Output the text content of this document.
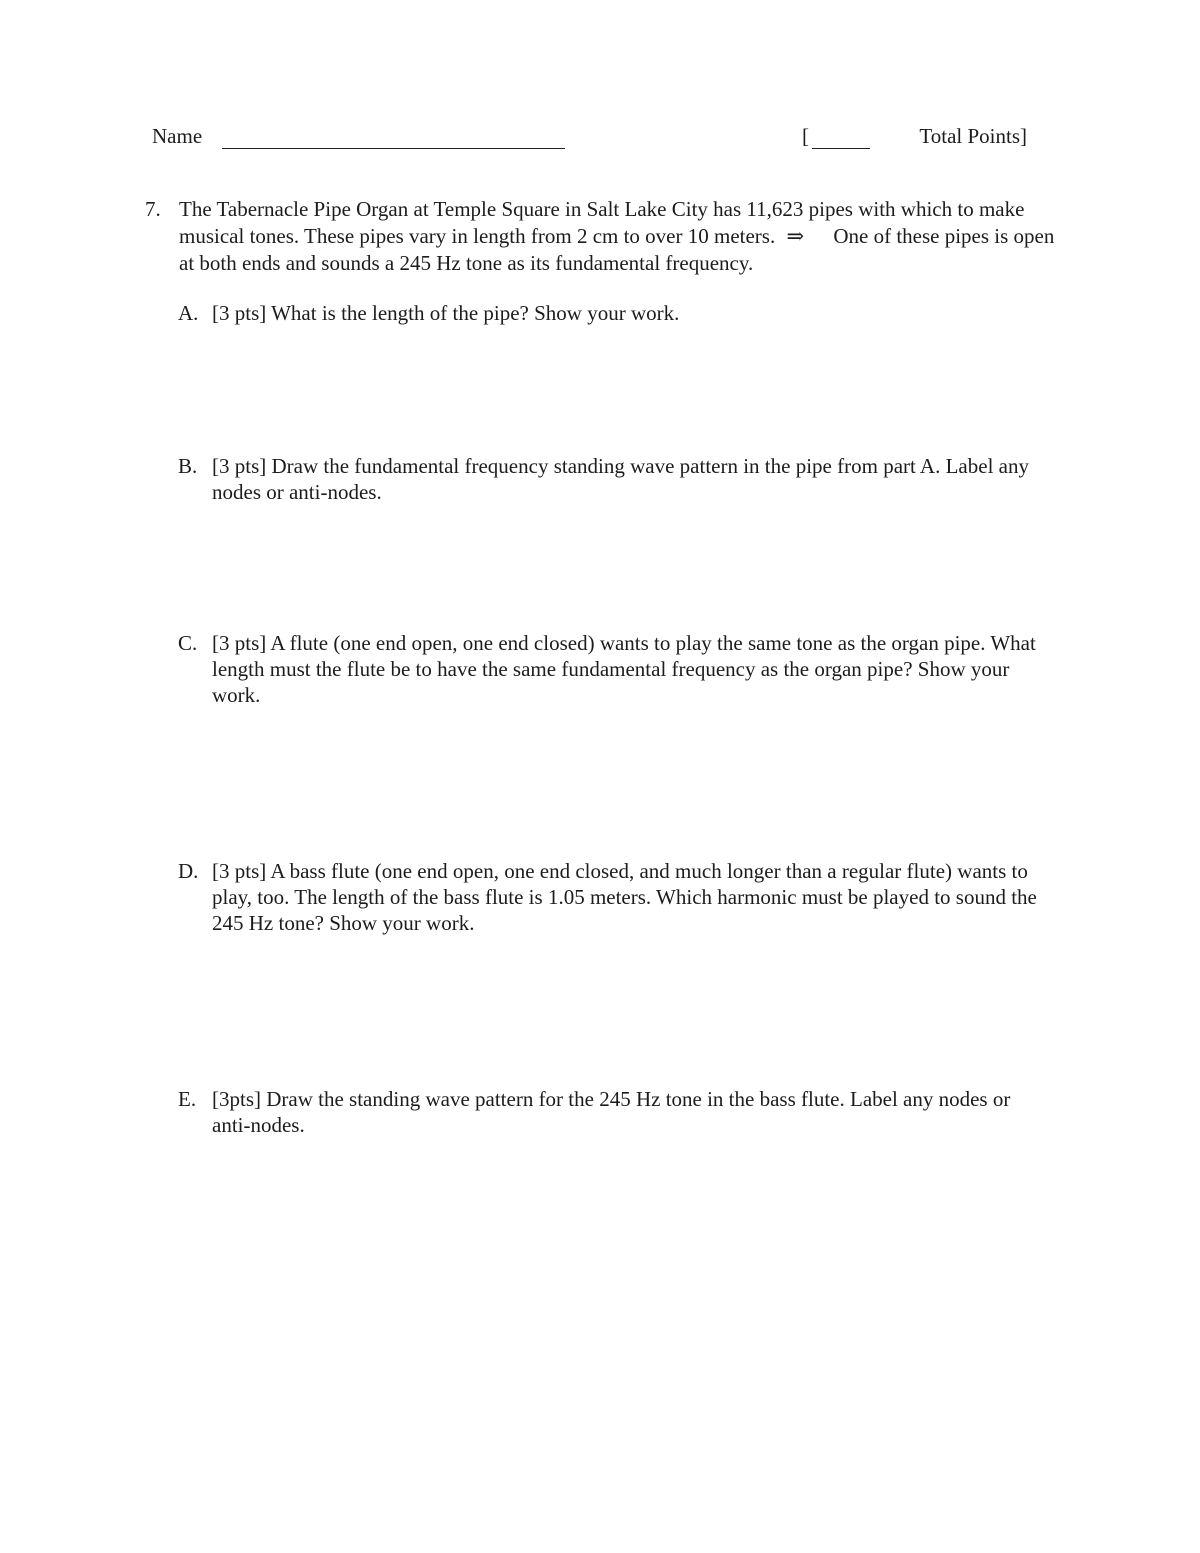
Name	[	Total Points]
7. The Tabernacle Pipe Organ at Temple Square in Salt Lake City has 11,623 pipes with which to make musical tones. These pipes vary in length from 2 cm to over 10 meters. ⇒ One of these pipes is open at both ends and sounds a 245 Hz tone as its fundamental frequency.
A. [3 pts] What is the length of the pipe? Show your work.
B. [3 pts] Draw the fundamental frequency standing wave pattern in the pipe from part A. Label any nodes or anti-nodes.
C. [3 pts] A flute (one end open, one end closed) wants to play the same tone as the organ pipe. What length must the flute be to have the same fundamental frequency as the organ pipe? Show your work.
D. [3 pts] A bass flute (one end open, one end closed, and much longer than a regular flute) wants to play, too. The length of the bass flute is 1.05 meters. Which harmonic must be played to sound the 245 Hz tone? Show your work.
E. [3pts] Draw the standing wave pattern for the 245 Hz tone in the bass flute. Label any nodes or anti-nodes.
